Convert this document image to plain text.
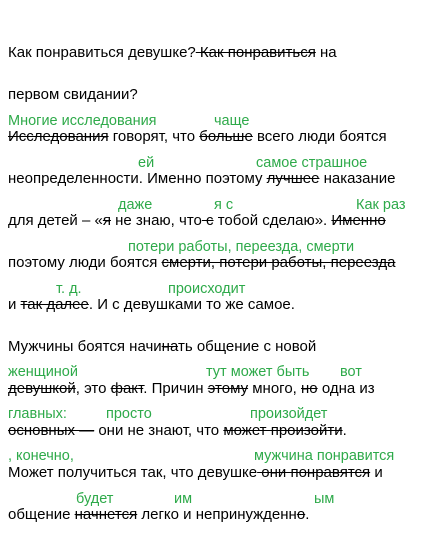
Как понравиться девушке? Как понравиться на
первом свидании?
Многие исследования	чаще
Исследования говорят, что больше всего люди боятся
ей	самое страшное
неопределенности. Именно поэтому лучшее наказание
даже	я с	Как раз
для детей – «я не знаю, что с тобой сделаю». Именно
потери работы, переезда, смерти
поэтому люди боятся смерти, потери работы, переезда
т. д.	происходит
и так далее. И с девушками то же самое.
Мужчины боятся начинать общение с новой
женщиной	тут может быть вот
девушкой, это факт. Причин этому много, но одна из
главных:	просто	произойдет
основных — они не знают, что может произойти.
, конечно,	мужчина понравится
Может получиться так, что девушке они понравятся и
будет	им	ым
общение начнется легко и непринужденно.
